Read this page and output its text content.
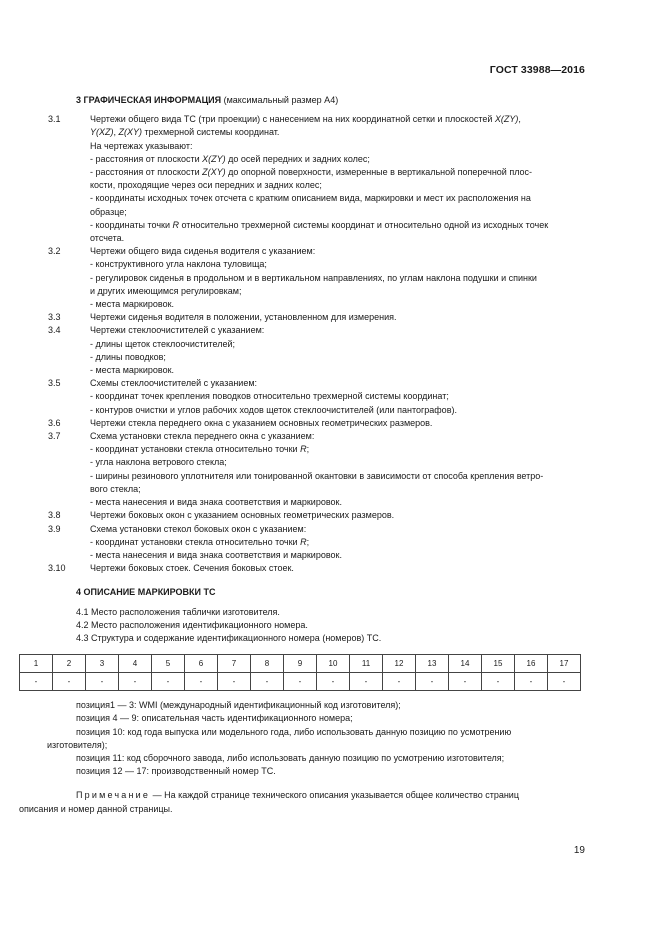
ГОСТ 33988—2016
3 ГРАФИЧЕСКАЯ ИНФОРМАЦИЯ (максимальный размер А4)
3.1	Чертежи общего вида ТС (три проекции) с нанесением на них координатной сетки и плоскостей X(ZY),
Y(XZ), Z(XY) трехмерной системы координат.
На чертежах указывают:
- расстояния от плоскости X(ZY) до осей передних и задних колес;
- расстояния от плоскости Z(XY) до опорной поверхности, измеренные в вертикальной поперечной плос-
кости, проходящие через оси передних и задних колес;
- координаты исходных точек отсчета с кратким описанием вида, маркировки и мест их расположения на
образце;
- координаты точки R относительно трехмерной системы координат и относительно одной из исходных точек
отсчета.
3.2	Чертежи общего вида сиденья водителя с указанием:
- конструктивного угла наклона туловища;
- регулировок сиденья в продольном и в вертикальном направлениях, по углам наклона подушки и спинки
и других имеющимся регулировкам;
- места маркировок.
3.3	Чертежи сиденья водителя в положении, установленном для измерения.
3.4	Чертежи стеклоочистителей с указанием:
- длины щеток стеклоочистителей;
- длины поводков;
- места маркировок.
3.5	Схемы стеклоочистителей с указанием:
- координат точек крепления поводков относительно трехмерной системы координат;
- контуров очистки и углов рабочих ходов щеток стеклоочистителей (или пантографов).
3.6	Чертежи стекла переднего окна с указанием основных геометрических размеров.
3.7	Схема установки стекла переднего окна с указанием:
- координат установки стекла относительно точки R;
- угла наклона ветрового стекла;
- ширины резинового уплотнителя или тонированной окантовки в зависимости от способа крепления ветро-
вого стекла;
- места нанесения и вида знака соответствия и маркировок.
3.8	Чертежи боковых окон с указанием основных геометрических размеров.
3.9	Схема установки стекол боковых окон с указанием:
- координат установки стекла относительно точки R;
- места нанесения и вида знака соответствия и маркировок.
3.10	Чертежи боковых стоек. Сечения боковых стоек.
4 ОПИСАНИЕ МАРКИРОВКИ ТС
4.1 Место расположения таблички изготовителя.
4.2 Место расположения идентификационного номера.
4.3 Структура и содержание идентификационного номера (номеров) ТС.
1	2	3	4	5	6	7	8	9	10	11	12	13	14	15	16	17
-	-	-	-	-	-	-	-	-	-	-	-	-	-	-	-	-
позиция1 — 3: WMI (международный идентификационный код изготовителя);
позиция 4 — 9: описательная часть идентификационного номера;
позиция 10: код года выпуска или модельного года, либо использовать данную позицию по усмотрению
изготовителя);
позиция 11: код сборочного завода, либо использовать данную позицию по усмотрению изготовителя;
позиция 12 — 17: производственный номер ТС.
Примечание — На каждой странице технического описания указывается общее количество страниц
описания и номер данной страницы.
19
